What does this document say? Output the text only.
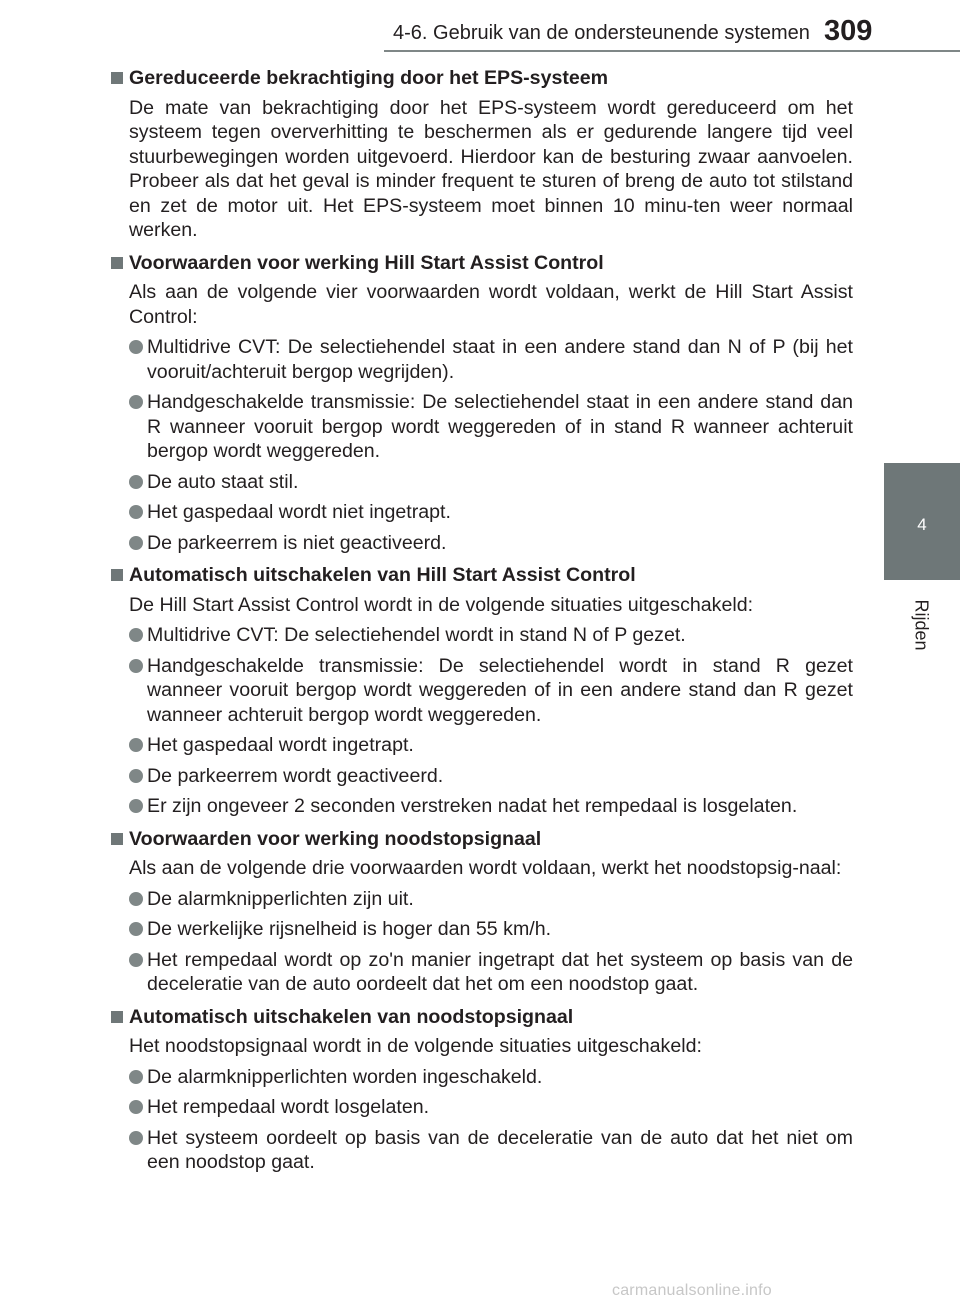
4-6. Gebruik van de ondersteunende systemen 309
4
Rijden
Gereduceerde bekrachtiging door het EPS-systeem
De mate van bekrachtiging door het EPS-systeem wordt gereduceerd om het systeem tegen oververhitting te beschermen als er gedurende langere tijd veel stuurbewegingen worden uitgevoerd. Hierdoor kan de besturing zwaar aanvoelen. Probeer als dat het geval is minder frequent te sturen of breng de auto tot stilstand en zet de motor uit. Het EPS-systeem moet binnen 10 minu-ten weer normaal werken.
Voorwaarden voor werking Hill Start Assist Control
Als aan de volgende vier voorwaarden wordt voldaan, werkt de Hill Start Assist Control:
Multidrive CVT: De selectiehendel staat in een andere stand dan N of P (bij het vooruit/achteruit bergop wegrijden).
Handgeschakelde transmissie: De selectiehendel staat in een andere stand dan R wanneer vooruit bergop wordt weggereden of in stand R wanneer achteruit bergop wordt weggereden.
De auto staat stil.
Het gaspedaal wordt niet ingetrapt.
De parkeerrem is niet geactiveerd.
Automatisch uitschakelen van Hill Start Assist Control
De Hill Start Assist Control wordt in de volgende situaties uitgeschakeld:
Multidrive CVT: De selectiehendel wordt in stand N of P gezet.
Handgeschakelde transmissie: De selectiehendel wordt in stand R gezet wanneer vooruit bergop wordt weggereden of in een andere stand dan R gezet wanneer achteruit bergop wordt weggereden.
Het gaspedaal wordt ingetrapt.
De parkeerrem wordt geactiveerd.
Er zijn ongeveer 2 seconden verstreken nadat het rempedaal is losgelaten.
Voorwaarden voor werking noodstopsignaal
Als aan de volgende drie voorwaarden wordt voldaan, werkt het noodstopsig-naal:
De alarmknipperlichten zijn uit.
De werkelijke rijsnelheid is hoger dan 55 km/h.
Het rempedaal wordt op zo'n manier ingetrapt dat het systeem op basis van de deceleratie van de auto oordeelt dat het om een noodstop gaat.
Automatisch uitschakelen van noodstopsignaal
Het noodstopsignaal wordt in de volgende situaties uitgeschakeld:
De alarmknipperlichten worden ingeschakeld.
Het rempedaal wordt losgelaten.
Het systeem oordeelt op basis van de deceleratie van de auto dat het niet om een noodstop gaat.
carmanualsonline.info
